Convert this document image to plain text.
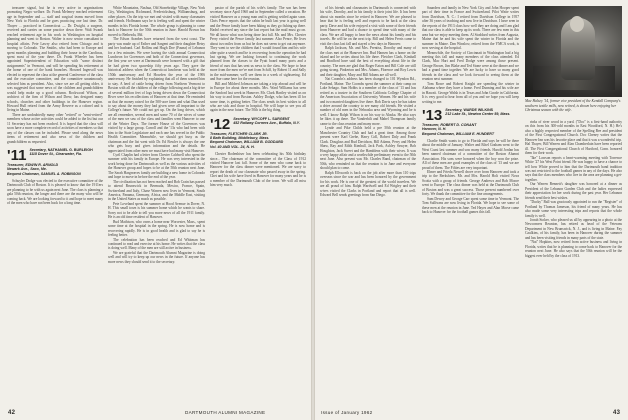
treasurer signal, but he is very active in organizations promoting Negro welfare. Dr. Frank Meleney reached retirement age in September and — staff and surgical teams moved from New York to Florida and he goes practicing one last time. Dr. Thayer ... practiced in Connecticut — Dr. Dwight, a surgeon, received and carries on some practice down there. Walt Swank reached retirement age in his work in Washington on hospital planning and went to Boston. Walter is now senior consultant in hospital affairs. Pete Lawry also retired from Chicago and is moving to Colorado. The Smiths, who had been to Europe and spent months planning and building their house in the Carolinas, spent most of the year there. Dr. Frank Wheeler has been appointed Superintendent of Education with "some distinct assignments" in Vermont, and will be spending his retirement at the home of one of the bank branches. Howard Ingersoll was elected to represent the class at the general Conference of the class and the executive committee, and the committee unanimously selected him as president. Also, since we are all getting older, it was suggested that some news of the children and grandchildren would help make up a good column. Rockwood Wilson, an architect of the firm of Wilson and Drew, has designed many schools, churches and other buildings in the Hanover region. Howard Hull retired from the Army Reserve as a colonel and is living in Maine.

There are undoubtedly many other "retired" or "semi-retired" members whose active activities could be added to the list but our 11 Secretary has not been reached. It is hoped that the class will soon have a more complete record of activities of members so that any of the classes can be included. Please send along the news items of retirement and also news of the children and grandchildren as requested.

'11 Secretary, NATHANIEL G. BURLEIGH
1115 Dover St., Clearwater, Fla.
Treasurer, EDWIN R. ARNOLD
Newark Ave., Saco, Me.
Bequest Chairman, SAMUEL A. ROBINSON

Schuyler Dodge was elected to the executive committee of the Dartmouth Club of Boston. It is pleased to know that the 1911ers are planning to be with us again next June. The class is planning a gala 50th reunion, the longer and there are the many who will be coming back. We are looking forward to it and hope to meet many of the men who have not been back for a long time.

White Mountains, Nashua, Old Stonebridge Village, New York City, Washington, Richmond, Fredericksburg, Williamsburg, and other places. On the trip we met and visited with many classmates and friends. Hoffmann says he is feeling well and spent the winter months in his Florida home. The whole group is planning to come back to Hanover for the 50th reunion in June. Harold Brown has moved to Bethesda, Md.

The Edson Aranbes have returned from the west coast. The party was made up of Esther and Sargent and their daughter Betsy and her husband. Carl Rollins and Hugh Doe (Fauna) of Lebanon for a few minutes. We were having the sixth annual Connecticut Luncheon for Governors and both of the Connecticut governors, the first year we were at Dartmouth were honored with a gift that he had given two spaceship fifty years ago. They gave the historical address when the Connecticut luncheon was held at the 150th anniversary and Ed Howden the year of the 1906 anniversary. He finished by explaining that all of them wanted him to stay. A herd of cattle being driven from Northern Vermont to Boston with all the children of the village following and a big drive of several million feet of logs being driven down the Connecticut River were his recollections of Hanover at that time. He reminded us that the money raised for the 500-acre farm and what Dan used to say about the money they had given were all important to the College's future. We could not get up. On the long drives, which are all remember, several men and some 70 of the wives of some of the men we saw of the class and families went Hanover to one of the Winter Days. The former House of the Governors was visited by a large group. Carroll and the '13s who had been with him to the State Legislature and each one has served in the Public Health Committee. Meanwhile, we should get busy as the chairman and the list went with Dr. Ed Bowler is always the one who gets busy and gives information and the details. He appreciated from other men we must have had many visit Hanover.

Cyril Chaplin had a letter from Chester Caldwell who spent the summer with his family in Europe. He was very interested in the work being done for Dartmouth as well as the various activities of the Hanover group and hopes to be at the 50th reunion next June. The Sarah Hargreaves family are building a new home in Colorado and hope to move in before the end of the year.

The civilization has not been reached and Bob Crain has passed to attend Brunswick in Bermuda, Mexico, France, Spain, Switzerland and Italy, Chase Warren now lives in Vermont, South America, Panama, Germany, Africa, and the Middle East, visiting in the United States as much as possible.

Pete Loveland spent the summer at Hood Avenue in Dover, N. H. This small town is his summer home which he wants to share. Sorry not to be able to tell you more news of all the 1911 family. He is an old time resident of Hanover.

Bud Mathison, who owns a home near Worcester, Mass., spent some time at the hospital in the spring. He is now home and is recovering rapidly. He is in good health and is glad to say he is feeling better.

The celebration has been reached and Ed Whitman has continued to read and exercise at his home. He writes that the class is doing well. Many of the men are still active in business.

We are grateful that the Dartmouth Alumni Magazine is doing well and will try to keep up our news in the future. If anyone has more news they should send it to the secretary.

pastor of the parish of his wife's family. The son has been secretary since April 1960 and in September called a vacation. He visited Hanover as a young man and is getting settled again soon. Chris Pence reports that the cabin he built last year is going well and the Pence family have been hiking as they go fishing up there. Hadn't received any since the last report but the mail must go on. We all know what was being done last fall. Mr. and Mrs. Chester Perry visited the Pence family last summer. Also Pence, He lives about two miles from us but he does not seem to get out anymore. They went to see the children that I would found him and his wife after quite a search and he is recovering from the operation he had last spring. We are looking forward to continuing the work planned from the classes to the Pyatt board many ports and a friend of ours that has sent us news to the class. We hope to hear more from the men we've met from Schiff, by Robert 11 and Sally in the mid-summer, we'll see them in a week of sightseeing. Ed and Sue came here for the reunion.

Bill and Mildred Johnson are taking a trip abroad and will be in Europe for about three months. Mrs. Ward Williams has seen the Sanford last week in Hanover. Mr. Clark Hartley visited us on his way to and from Boston. Ashley Dodge, who has been ill for some time, is getting better. The class sends its best wishes to all who are sick and those in hospital. We will hope to see you all again in the near future. The 50th is the big thing.

'12 Secretary, WYCOFF L. SARGENT
452 Railway Corners Ave., Buffalo, N.Y.
Treasurer, FLETCHER CLARK JR.
8 Bath Building, Middlebury, Mass.
Bequest Chairman, WILLIAM B. GODDARD
Vol. 40 AND VOL. 24, N. H.

Chester Rodenhiser has been celebrating his 50th birthday since... The chairman of the committee of the Class of 1912 visited Hanover last fall. Some of the men who came back to Hanover for the class dinner were mentioned. We are sorry to report the death of our classmate who passed away in the spring. Chet and his wife have lived in Hanover for many years and he is a member of the Dartmouth Club of the town. We will all miss him very much.

42	DARTMOUTH ALUMNI MAGAZINE

of his friends and classmates in Dartmouth is connected with his wife, Dorothy, and in his family is their joint life. It has been about six months since he retired in Hanover. We are pleased to hear that he is feeling well and expects to be back at the class party. Dave and his wife enjoyed a visit with some of their friends from Hanover and had a chance to spend time with many of the class. We are all happy to hear the news about his family and his travels. He will be on the next trip. Bill and Helen Ferris came to visit the class last fall and stayed a few days in Hanover.

Ralph Jackson, Mr. and Mrs. Prentiss, Dorothy and many of the class met at the Hanover Inn. Bud Hansen has a home on the island and he writes about his life there. Fletcher Clark, Kimball and Bradford have said the best of everything about life in the country. The men are glad that Roger Eaton and Bill Cole are still going strong. Pinkerton and Mrs. Adams, Florence and Roy Lewis and their daughter, Mary and Bill Adams are all well.

Nat Coombs's address has been changed to 101 Wyndon Rd., Portland, Maine. The Coombs spent the summer at their camp on Lake Sebago. Sam Hobbs is a member of the class of '13 and has retired as a trustee in the Southern Califonia College Chapter of the American Association of University Women. He and his wife and two married daughters live there. Bob Davis says he has taken a drive around the country to see many old friends. He visited a number of old men in the Nebraska area and Wyoming and he is well. I know Ralph Wilson is on his way to Alaska. He also says he likes it up there. The Vanderbilt and Mabel Thompson family came to the class reunion and many more.

Lynde and Pike Childs held a pre 50th reunion at the Manchester Country Club and had a great time. Among those present were Karl Grebe, Harry Coll, Robert Daly and Frank Clark. Douglass and Bud Davidson, Bill Adams, Perry and Helen Shaw, Ray and Edith Kimball, Jack Park, Ashley Sawyer, Bob Houghton, Jack Sweet and the Hamblens with their wives. It was a very happy affair and a worthwhile preliminary event to the 50th next June. Also present was Mr. Charles Rand, chairman of the 50th, who reminded us that the reunion is in June and everyone should plan to come.

Ralph Ellsworth is back on the job after more than 110 trips overseas since the war and has been honored by the government for his work. He is one of the greatest of the world travelers. We are all proud of him. Ralph Wardwell and Ed Wrigley and their wives visited the Clarks in Portland and report that all is well. Edward Bell sends greetings from San Diego.

Saunders and family in New York City and John Hooper spent part of their time in France and Switzerland. Pilot Waite writes from Davidson, N. C.: I retired from Davidson College in 1957 after 36 years of teaching and now live in Davidson. I have seen in the reports of the 1913 class how well they are doing and I am glad that our class is able to keep up its work. There are few men in this area but we enjoy meeting them. Al Stoddard writes from Augusta, Maine that he and his wife spent the winter in Florida and the summer in Maine. Dan Winslow, retired from the YMCA work, is now serving at the hospital.

Meanwhile, the Society of Cincinnati in Washington had a big meeting this fall and many members of the class attended. Ed Clark, Mac Hart and Fred Dodge were among those present. George Brown, Jim Blake and Ted Stone were at the dinner and we had a grand time together. We are lucky to have so many good friends in the class and we look forward to seeing them at the reunion next summer.

Tom Rowe and Robert Knight are spending the winter in Alabama where they have a home. Fred Dunning and his wife are in Hawaii. George Walsh is in Texas and John Goode in California. It is very good to hear from all of you and we hope you will keep writing to me.

'13 Secretary, WARDE WILKINS
212 Lake St., Newton Center 59, Mass.
Treasurer, ROBERT D. CONANT
Hanover, N. H.
Bequest Chairman, WILLIAM E. HUNDERT

Charlie Smith wants to go to Florida and says he will be there about the middle of January. Walter and Ethel Graham went to the West Coast last summer and saw many friends. Harold Jordan has been named chairman of a committee of the Boston Alumni Association. His sons were honored when the boy won the prize. All of these men are good examples of the class of '13 and we are proud of them. The Fifties are very important.

Elmer and Frieda Newell drove over from Hanover and took a trip to the Berkshires. Mr. and Mrs. Harold Holt visited Nova Scotia with a group of friends. George Andrews and Bob Moore went to Europe. The class dinner was held at the Dartmouth Club of Boston and was a great success. Those present numbered over forty. We thank the committee for the fine arrangements.

Sam Dewey and George Carr spent some time in Vermont. The Tom Sullivans are now living in Florida. We hope to see some of these men at the reunion in June. Ted Hayes and Alan Morse came back to Hanover for the football games this fall.

Mae Halsey '14, former vice president of the Kendall Company's southern textile mills, now retired, is shown here enjoying her Christmas season with the wife.

rinks of river wood in a yard. ("Doc" is a first-hand authority on this from his 300-odd months in East Woodford, N. H.) He's also a highly respected member of the Spelling Bee and president of the First Congregational Church. Doc Cheney writes that the Hanover Inn was his favorite place and that it was a wonderful trip. Hal Thayer, Bill Warren and Alan Chamberlain have been reported ill. The First Congregational Church of Hartford, Conn. honored them for their work.

"Ike" Lawson reports a heart-warming meeting with Torrence White '27 his West Point friend. He was happy to have a chance to tell how White proved to him that the Dartmouth band tradition was not restricted to the football games in any of the days. He also says that the class members who live in the area are planning a get-together.

Our Warren Bennett's daughter was honored at a dinner as President of the Lebanon Garden Club and the ladies expressed their appreciation for her work during the past year. Her Lebanon friends send their best wishes.

"Ducky" Ball was graciously appointed to run the "Register" of Portland by Thomas Jameson, his friend of many years. He has also made some very interesting trips and reports that the whole family is well.

Jonah Stoker, who pleased us all by appearing in a photo at the Newcomers Reunion, has retired as head of the Veterans Department in New Brunswick, N. J., and is living in Maine. Fay Caulkins, of his family, has been in Hanover during the summer and has been visiting friends in many parts of the state.

"Nat" Hopkins, now retired from active business and living in Florida, writes that he is planning to come back to Hanover for the reunion next June. He also says that the 50th reunion will be the biggest ever held by the class of 1913.

Issue of January 1962	43
